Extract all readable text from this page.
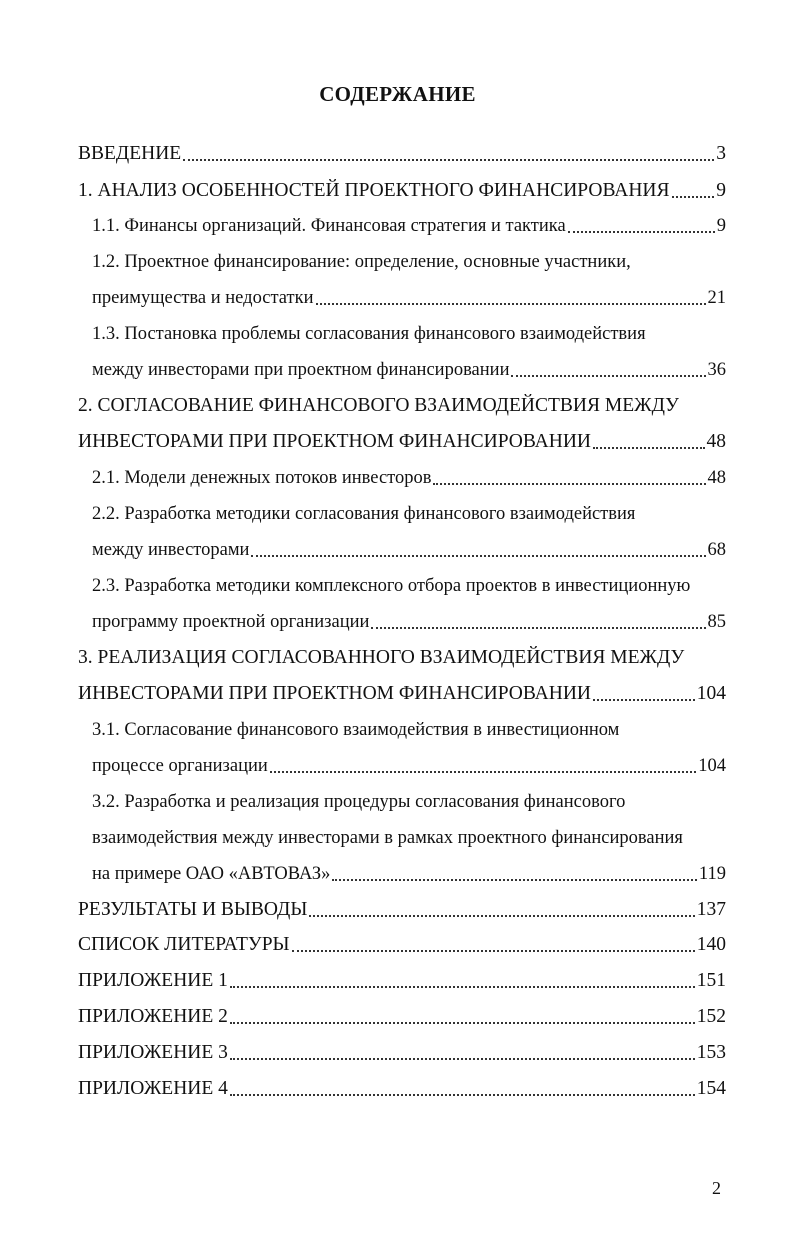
СОДЕРЖАНИЕ
ВВЕДЕНИЕ	3
1. АНАЛИЗ ОСОБЕННОСТЕЙ ПРОЕКТНОГО ФИНАНСИРОВАНИЯ 9
1.1. Финансы организаций. Финансовая стратегия и тактика	9
1.2. Проектное финансирование: определение, основные участники,
преимущества и недостатки	21
1.3. Постановка проблемы согласования финансового взаимодействия
между инвесторами при проектном финансировании	36
2. СОГЛАСОВАНИЕ ФИНАНСОВОГО ВЗАИМОДЕЙСТВИЯ МЕЖДУ
ИНВЕСТОРАМИ ПРИ ПРОЕКТНОМ ФИНАНСИРОВАНИИ	48
2.1. Модели денежных потоков инвесторов	48
2.2. Разработка методики согласования финансового взаимодействия
между инвесторами	68
2.3. Разработка методики комплексного отбора проектов в инвестиционную
программу проектной организации	85
3. РЕАЛИЗАЦИЯ СОГЛАСОВАННОГО ВЗАИМОДЕЙСТВИЯ МЕЖДУ
ИНВЕСТОРАМИ ПРИ ПРОЕКТНОМ ФИНАНСИРОВАНИИ	104
3.1. Согласование финансового взаимодействия в инвестиционном
процессе организации	104
3.2. Разработка и реализация процедуры согласования финансового
взаимодействия между инвесторами в рамках проектного финансирования
на примере ОАО «АВТОВАЗ»	119
РЕЗУЛЬТАТЫ И ВЫВОДЫ	137
СПИСОК ЛИТЕРАТУРЫ	140
ПРИЛОЖЕНИЕ 1	151
ПРИЛОЖЕНИЕ 2	152
ПРИЛОЖЕНИЕ 3	153
ПРИЛОЖЕНИЕ 4	154
2
